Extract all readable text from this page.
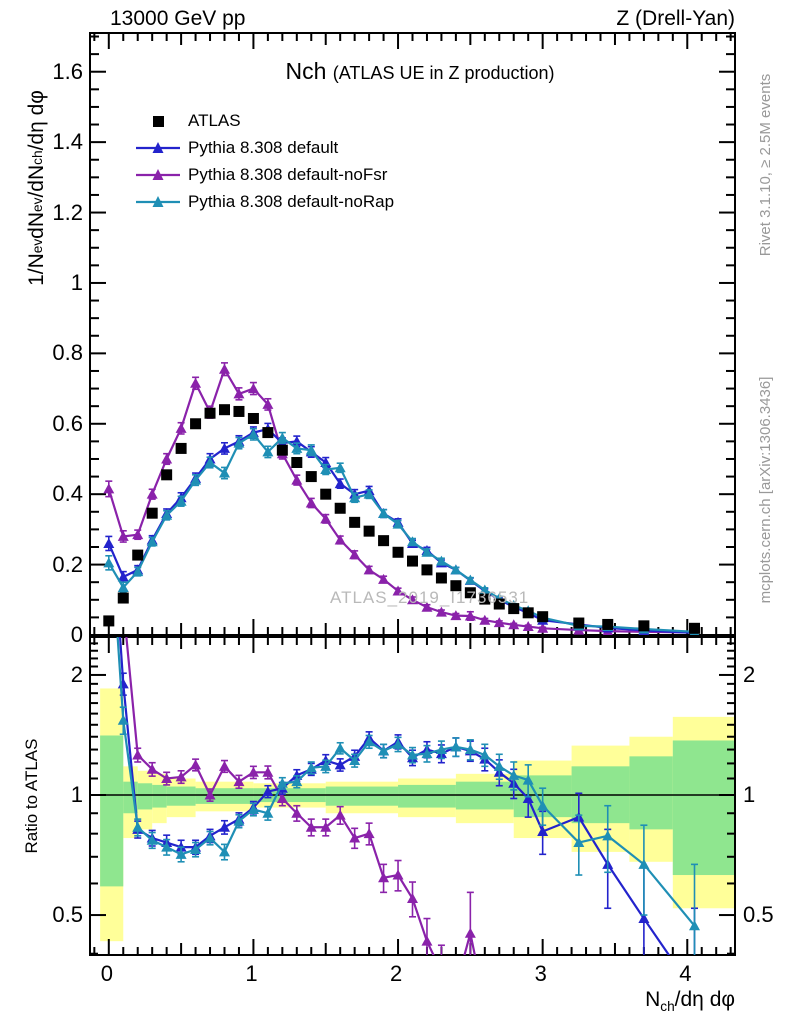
13000 GeV pp	Z (Drell-Yan)
Nch (ATLAS UE in Z production)
ATLAS
Pythia 8.308 default
Pythia 8.308 default-noFsr
Pythia 8.308 default-noRap
1/N
ev
dN
ev
/dN
ch
/dη dφ
Ratio to ATLAS
$N_{ch}/d\eta$ dφ
Rivet 3.1.10, ≥ 2.5M events
mcplots.cern.ch [arXiv:1306.3436]
ATLAS_2019_I1736531
0
0.2
0.4
0.6
0.8
1
1.2
1.4
1.6
0.5	0.5
1	1
2	2
0	1	2	3	4
